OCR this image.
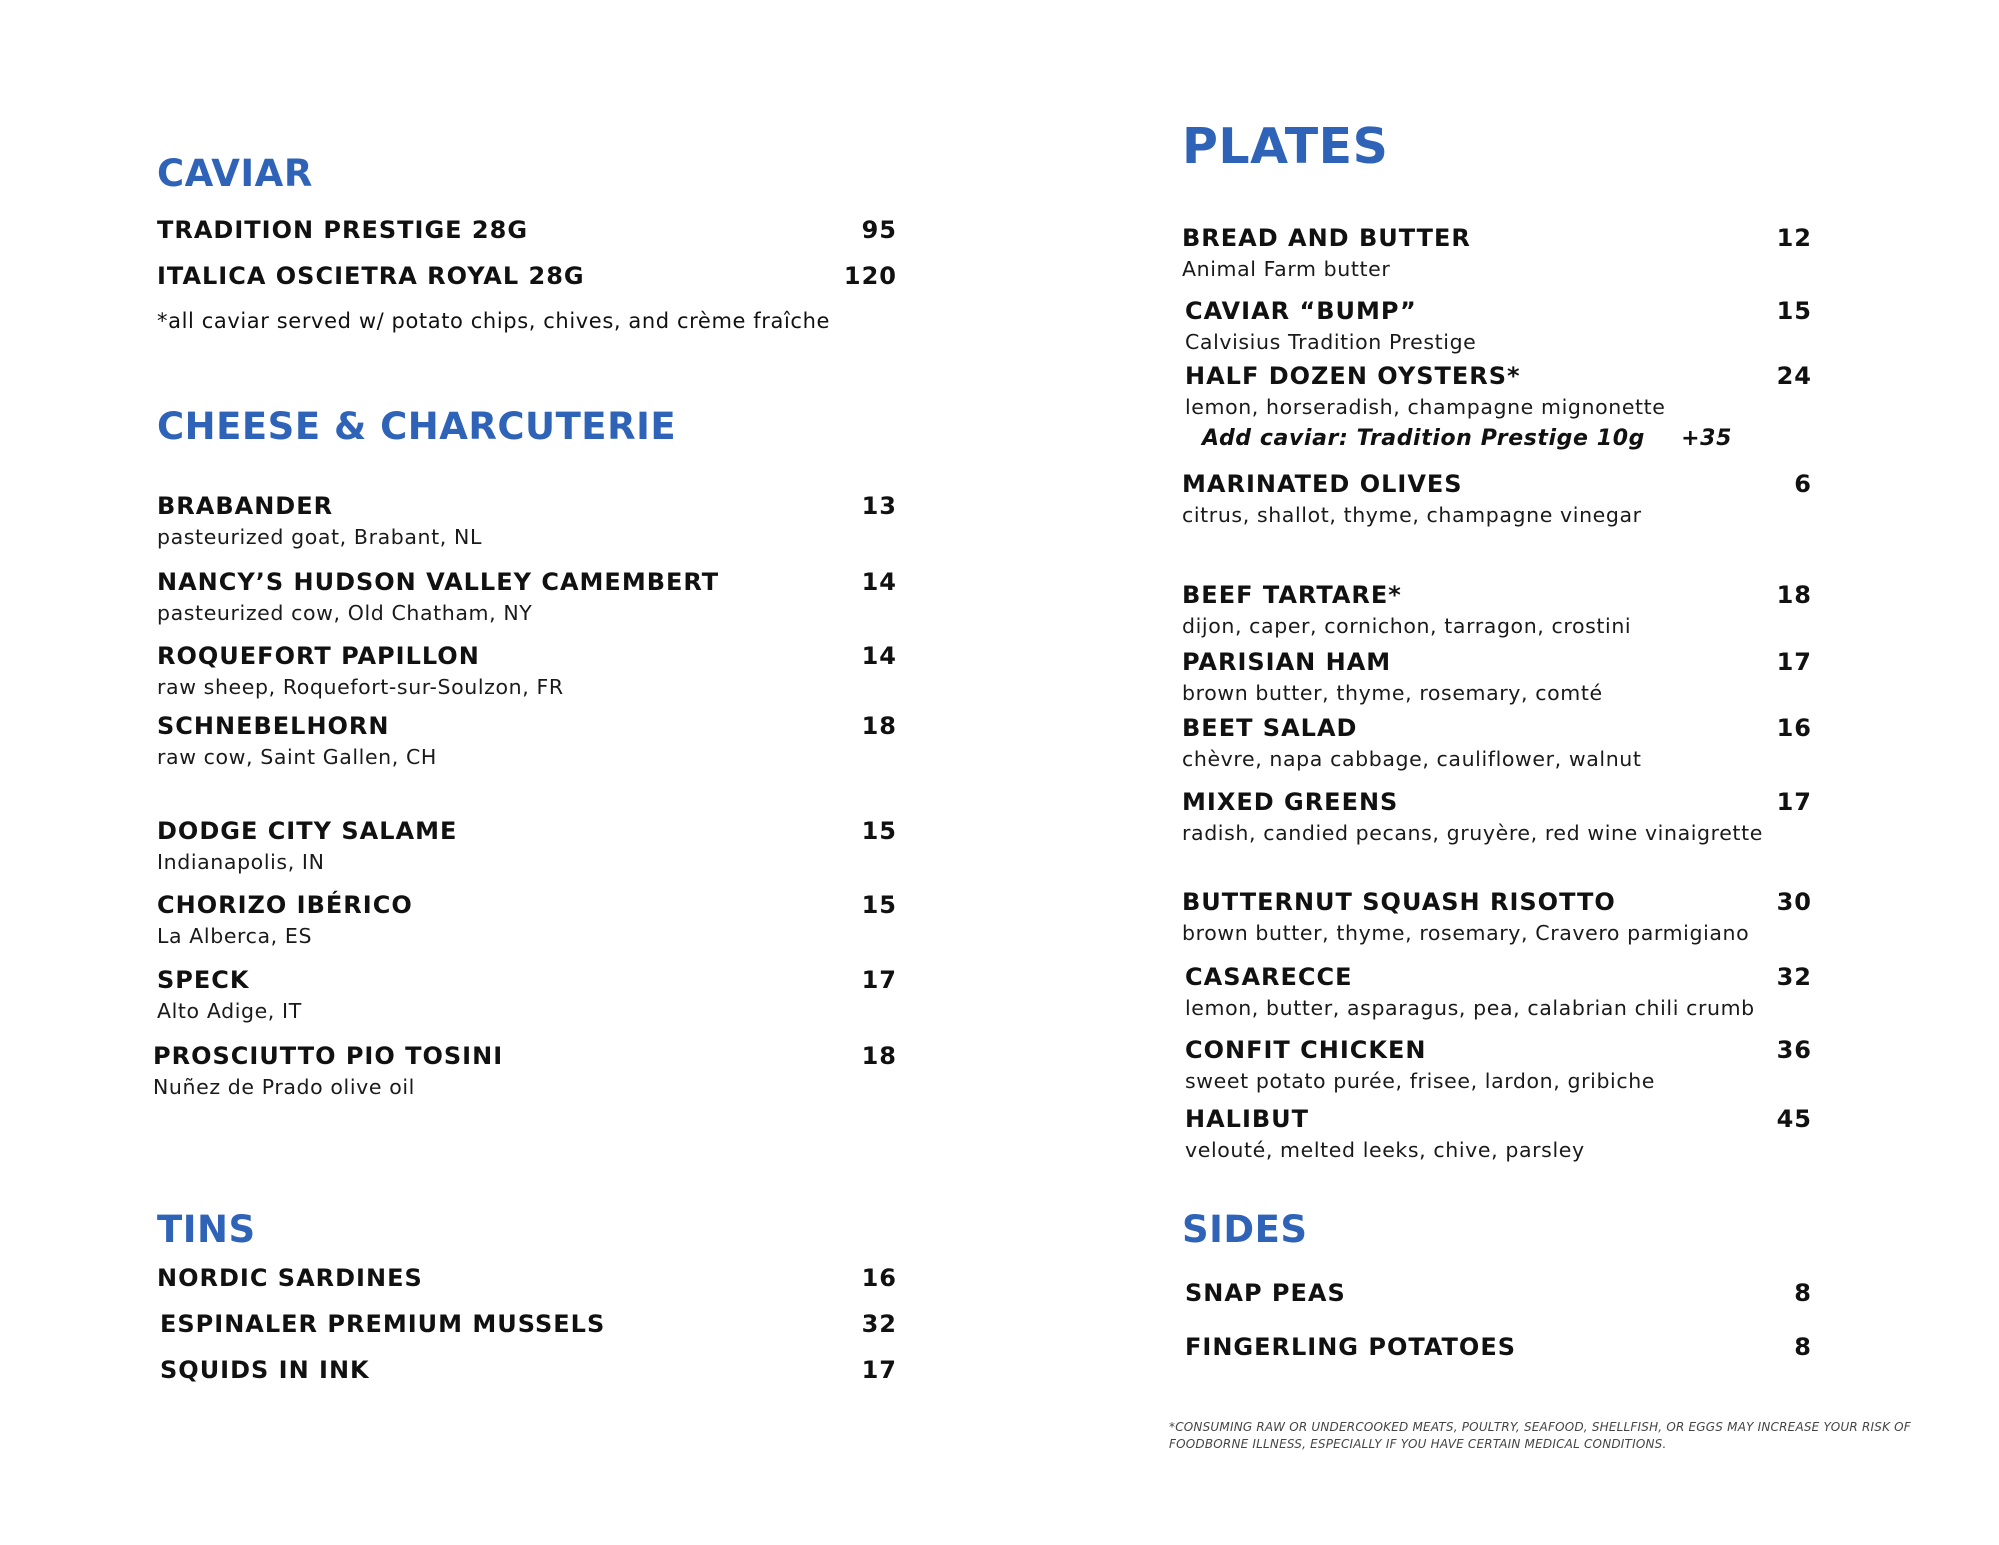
CAVIAR
TRADITION PRESTIGE 28G	95
ITALICA OSCIETRA ROYAL 28G	120
*all caviar served w/ potato chips, chives, and crème fraîche
CHEESE & CHARCUTERIE
BRABANDER	13
pasteurized goat, Brabant, NL
NANCY’S HUDSON VALLEY CAMEMBERT	14
pasteurized cow, Old Chatham, NY
ROQUEFORT PAPILLON	14
raw sheep, Roquefort-sur-Soulzon, FR
SCHNEBELHORN	18
raw cow, Saint Gallen, CH
DODGE CITY SALAME	15
Indianapolis, IN
CHORIZO IBÉRICO	15
La Alberca, ES
SPECK	17
Alto Adige, IT
PROSCIUTTO PIO TOSINI	18
Nuñez de Prado olive oil
TINS
NORDIC SARDINES	16
ESPINALER PREMIUM MUSSELS	32
SQUIDS IN INK	17
PLATES
BREAD AND BUTTER	12
Animal Farm butter
CAVIAR “BUMP”	15
Calvisius Tradition Prestige
HALF DOZEN OYSTERS*	24
lemon, horseradish, champagne mignonette
Add caviar: Tradition Prestige 10g +35
MARINATED OLIVES	6
citrus, shallot, thyme, champagne vinegar
BEEF TARTARE*	18
dijon, caper, cornichon, tarragon, crostini
PARISIAN HAM	17
brown butter, thyme, rosemary, comté
BEET SALAD	16
chèvre, napa cabbage, cauliflower, walnut
MIXED GREENS	17
radish, candied pecans, gruyère, red wine vinaigrette
BUTTERNUT SQUASH RISOTTO	30
brown butter, thyme, rosemary, Cravero parmigiano
CASARECCE	32
lemon, butter, asparagus, pea, calabrian chili crumb
CONFIT CHICKEN	36
sweet potato purée, frisee, lardon, gribiche
HALIBUT	45
velouté, melted leeks, chive, parsley
SIDES
SNAP PEAS	8
FINGERLING POTATOES	8
*CONSUMING RAW OR UNDERCOOKED MEATS, POULTRY, SEAFOOD, SHELLFISH, OR EGGS MAY INCREASE YOUR RISK OF FOODBORNE ILLNESS, ESPECIALLY IF YOU HAVE CERTAIN MEDICAL CONDITIONS.
